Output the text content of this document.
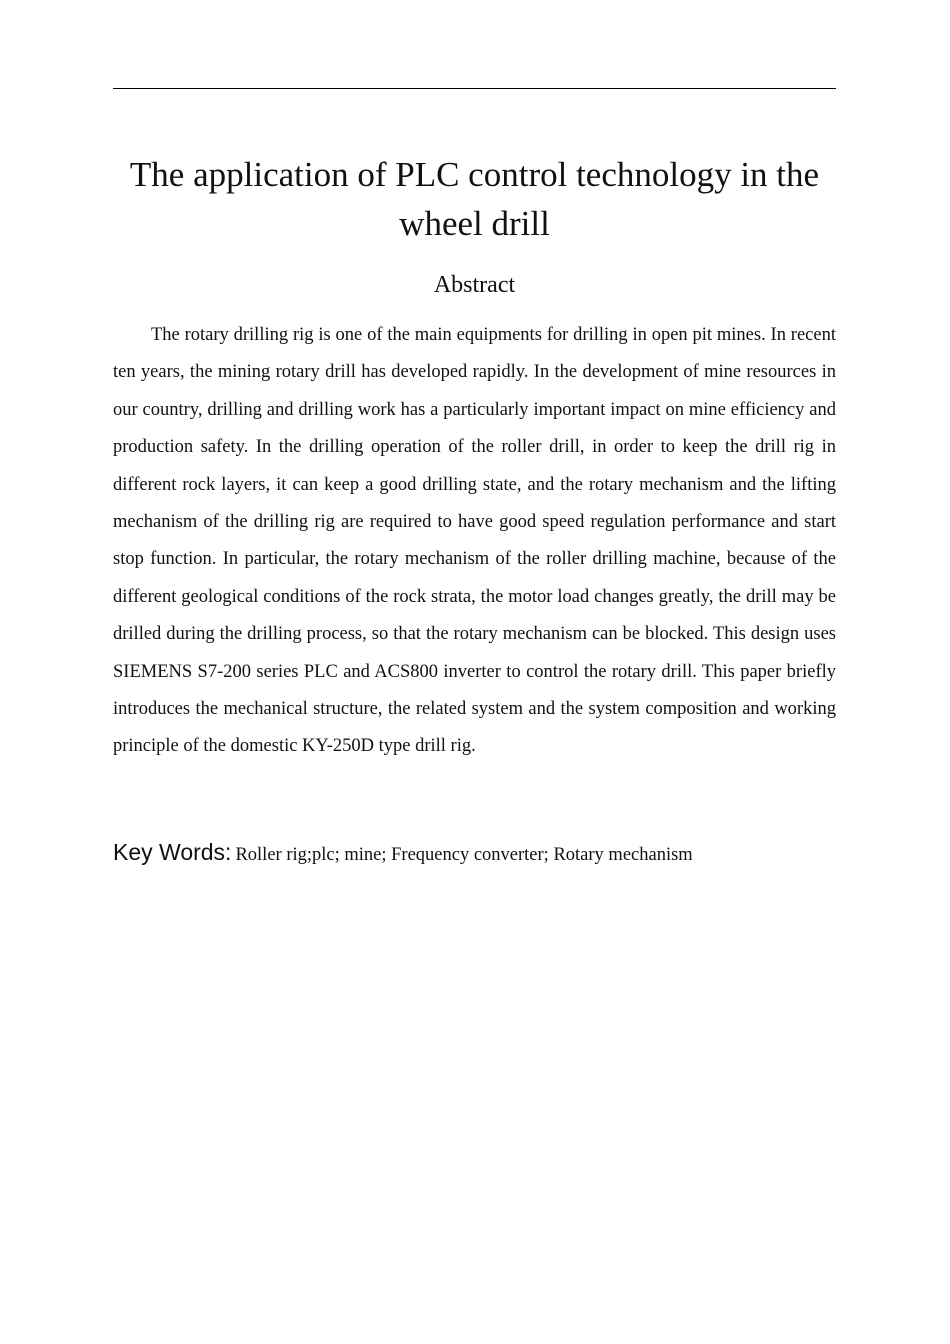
The application of PLC control technology in the wheel drill
Abstract

The rotary drilling rig is one of the main equipments for drilling in open pit mines. In recent ten years, the mining rotary drill has developed rapidly. In the development of mine resources in our country, drilling and drilling work has a particularly important impact on mine efficiency and production safety. In the drilling operation of the roller drill, in order to keep the drill rig in different rock layers, it can keep a good drilling state, and the rotary mechanism and the lifting mechanism of the drilling rig are required to have good speed regulation performance and start stop function. In particular, the rotary mechanism of the roller drilling machine, because of the different geological conditions of the rock strata, the motor load changes greatly, the drill may be drilled during the drilling process, so that the rotary mechanism can be blocked. This design uses SIEMENS S7-200 series PLC and ACS800 inverter to control the rotary drill. This paper briefly introduces the mechanical structure, the related system and the system composition and working principle of the domestic KY-250D type drill rig.

Key Words: Roller rig;plc; mine; Frequency converter; Rotary mechanism
